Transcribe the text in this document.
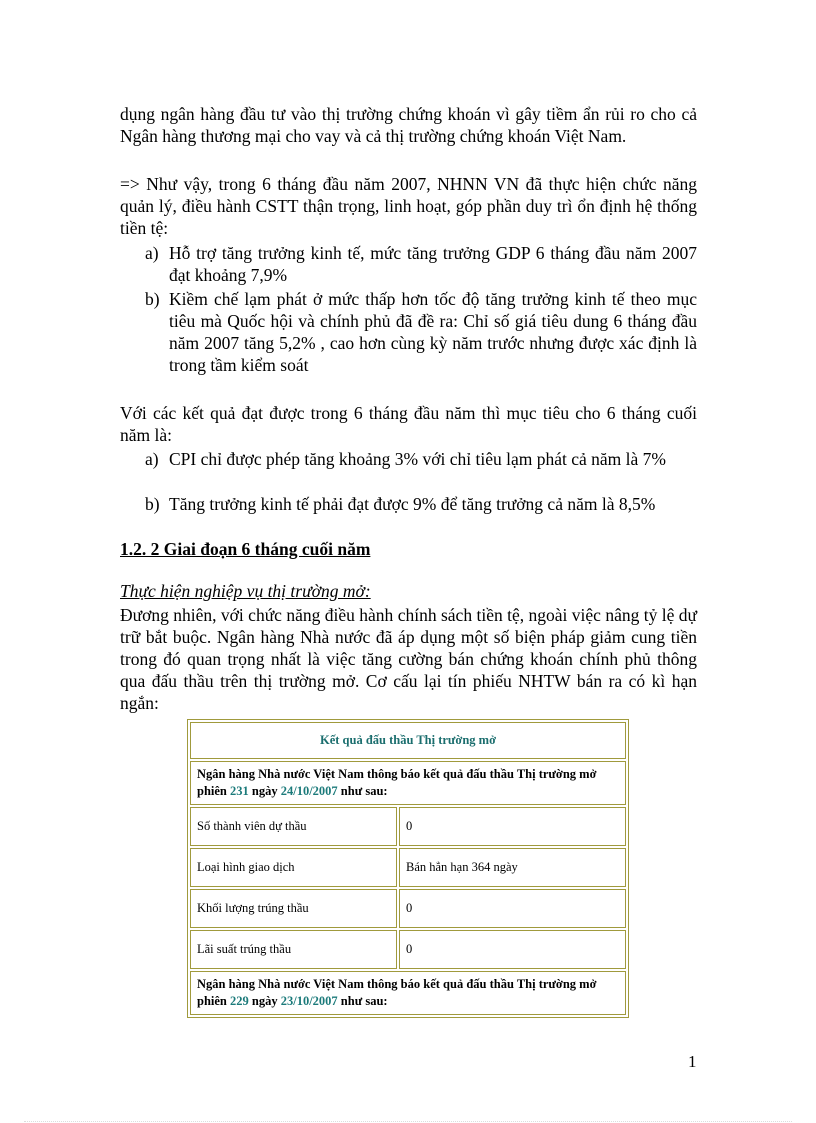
dụng ngân hàng đầu tư vào thị trường chứng khoán vì gây tiềm ẩn rủi ro cho cả Ngân hàng thương mại cho vay và cả thị trường chứng khoán Việt Nam.

=> Như vậy, trong 6 tháng đầu năm 2007, NHNN VN đã thực hiện chức năng quản lý, điều hành CSTT thận trọng, linh hoạt, góp phần duy trì ổn định hệ thống tiền tệ:

a) Hỗ trợ tăng trưởng kinh tế, mức tăng trưởng GDP 6 tháng đầu năm 2007 đạt khoảng 7,9%
b) Kiềm chế lạm phát ở mức thấp hơn tốc độ tăng trưởng kinh tế theo mục tiêu mà Quốc hội và chính phủ đã đề ra: Chỉ số giá tiêu dung 6 tháng đầu năm 2007 tăng 5,2% , cao hơn cùng kỳ năm trước nhưng được xác định là trong tầm kiểm soát

Với các kết quả đạt được trong 6 tháng đầu năm thì mục tiêu cho 6 tháng cuối năm là:

a) CPI chỉ được phép tăng khoảng 3% với chỉ tiêu lạm phát cả năm là 7%
b) Tăng trưởng kinh tế phải đạt được 9% để tăng trưởng cả năm là 8,5%
1.2. 2 Giai đoạn 6 tháng cuối năm
Thực hiện nghiệp vụ thị trường mở:

Đương nhiên, với chức năng điều hành chính sách tiền tệ, ngoài việc nâng tỷ lệ dự trữ bắt buộc. Ngân hàng Nhà nước đã áp dụng một số biện pháp giảm cung tiền trong đó quan trọng nhất là việc tăng cường bán chứng khoán chính phủ thông qua đấu thầu trên thị trường mở. Cơ cấu lại tín phiếu NHTW bán ra có kì hạn ngắn:

Kết quả đấu thầu Thị trường mở	
Ngân hàng Nhà nước Việt Nam thông báo kết quả đấu thầu Thị trường mở phiên 231 ngày 24/10/2007 như sau:	
Số thành viên dự thầu	0
Loại hình giao dịch	Bán hẳn hạn 364 ngày
Khối lượng trúng thầu	0
Lãi suất trúng thầu	0
Ngân hàng Nhà nước Việt Nam thông báo kết quả đấu thầu Thị trường mở phiên 229 ngày 23/10/2007 như sau:	
1
